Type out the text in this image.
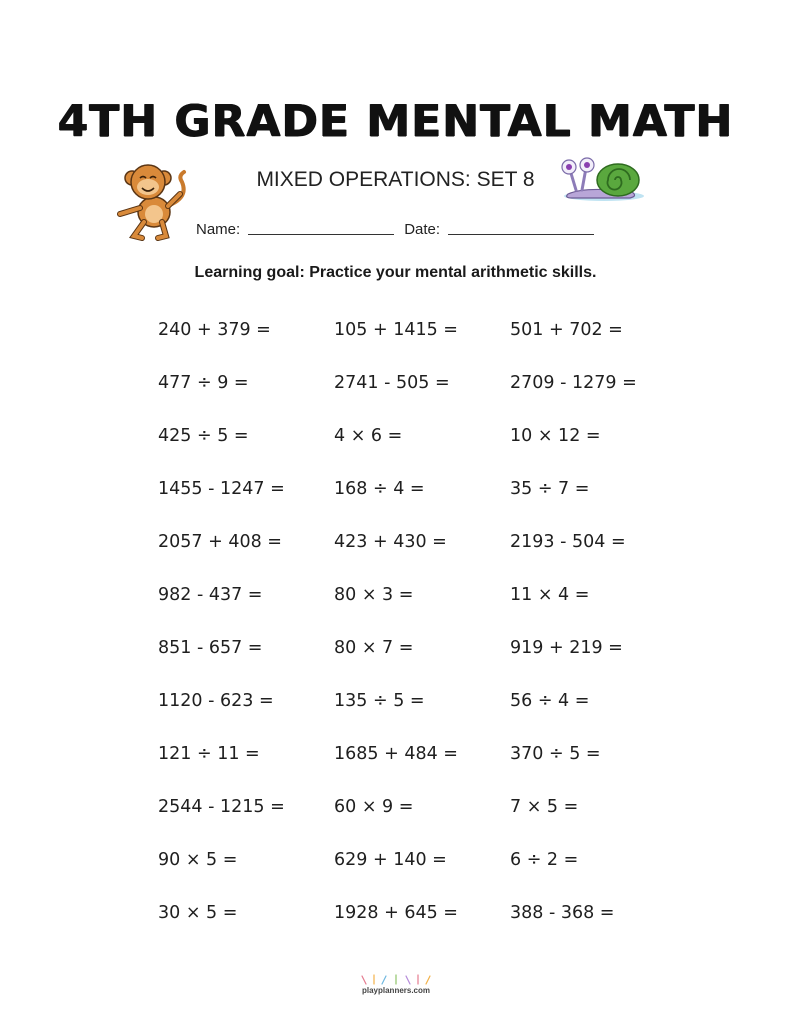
4TH GRADE MENTAL MATH
MIXED OPERATIONS: SET 8
Name:	Date:
Learning goal: Practice your mental arithmetic skills.
240 + 379 =	105 + 1415 =	501 + 702 =
477 ÷ 9 =	2741 - 505 =	2709 - 1279 =
425 ÷ 5 =	4 × 6 =	10 × 12 =
1455 - 1247 =	168 ÷ 4 =	35 ÷ 7 =
2057 + 408 =	423 + 430 =	2193 - 504 =
982 - 437 =	80 × 3 =	11 × 4 =
851 - 657 =	80 × 7 =	919 + 219 =
1120 - 623 =	135 ÷ 5 =	56 ÷ 4 =
121 ÷ 11 =	1685 + 484 =	370 ÷ 5 =
2544 - 1215 =	60 × 9 =	7 × 5 =
90 × 5 =	629 + 140 =	6 ÷ 2 =
30 × 5 =	1928 + 645 =	388 - 368 =
playplanners.com
